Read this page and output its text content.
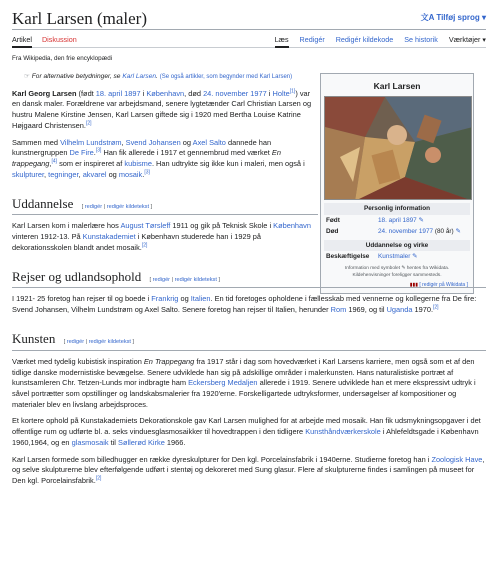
Karl Larsen (maler)	文A Tilføj sprog ▾
Artikel Diskussion	Læs Redigér Redigér kildekode Se historik Værktøjer ▾
Fra Wikipedia, den frie encyklopædi
☞ For alternative betydninger, se Karl Larsen. (Se også artikler, som begynder med Karl Larsen)
Karl Larsen
Personlig information
Født	18. april 1897 ✎
Død	24. november 1977 (80 år) ✎
Uddannelse og virke
Beskæftigelse	Kunstmaler ✎
Information med symbolet ✎ hentes fra Wikidata.
Kildehenvisninger foreligger sammesteds.
▮▮▮ [ redigér på Wikidata ]

Karl Georg Larsen (født 18. april 1897 i København, død 24. november 1977 i Holte[1]) var en dansk maler. Forældrene var arbejdsmand, senere lygtetænder Carl Christian Larsen og hustru Malene Kirstine Jensen, Karl Larsen giftede sig i 1920 med Bertha Louise Katrine Højgaard Christensen.[2]

Sammen med Vilhelm Lundstrøm, Svend Johansen og Axel Salto dannede han kunstnergruppen De Fire.[3] Han fik allerede i 1917 et gennembrud med værket En trappegang,[4] som er inspireret af kubisme. Han udtrykte sig ikke kun i maleri, men også i skulpturer, tegninger, akvarel og mosaik.[3]

Uddannelse [ redigér | redigér kildetekst ]

Karl Larsen kom i malerlære hos August Tørsleff 1911 og gik på Teknisk Skole i København vinteren 1912-13. På Kunstakademiet i København studerede han i 1929 på dekorationsskolen blandt andet mosaik.[2]

Rejser og udlandsophold [ redigér | redigér kildetekst ]

I 1921- 25 foretog han rejser til og boede i Frankrig og Italien. En tid foretoges opholdene i fællesskab med vennerne og kollegerne fra De fire: Svend Johansen, Vilhelm Lundstrøm og Axel Salto. Senere foretog han rejser til Italien, herunder Rom 1969, og til Uganda 1970.[2]

Kunsten [ redigér | redigér kildetekst ]

Værket med tydelig kubistisk inspiration En Trappegang fra 1917 står i dag som hovedværket i Karl Larsens karriere, men også som et af den tidlige danske modernistiske bevægelse. Senere udviklede han sig på adskillige områder i malerkunsten. Hans naturalistiske portræt af kunstsamleren Chr. Tetzen-Lunds mor indbragte ham Eckersberg Medaljen allerede i 1919. Senere udviklede han et mere ekspressivt udtryk i såvel portrætter som opstillinger og landskabsmalerier fra 1920'erne. Forskelligartede udtryksformer, undersøgelser af kompositioner og materialer blev en livslang arbejdsproces.

Et kortere ophold på Kunstakademiets Dekorationskole gav Karl Larsen mulighed for at arbejde med mosaik. Han fik udsmykningsopgaver i det offentlige rum og udførte bl. a. seks vinduesglasmosaikker til hovedtrappen i den tidligere Kunsthåndværkerskole i Ahlefeldtsgade i København 1960,1964, og en glasmosaik til Søllerød Kirke 1966.

Karl Larsen formede som billedhugger en række dyreskulpturer for Den kgl. Porcelainsfabrik i 1940erne. Studierne foretog han i Zoologisk Have, og selve skulpturerne blev efterfølgende udført i stentøj og dekoreret med Sung glasur. Flere af skulpturerne findes i samlingen på museet for Den kgl. Porcelainsfabrik.[2]
